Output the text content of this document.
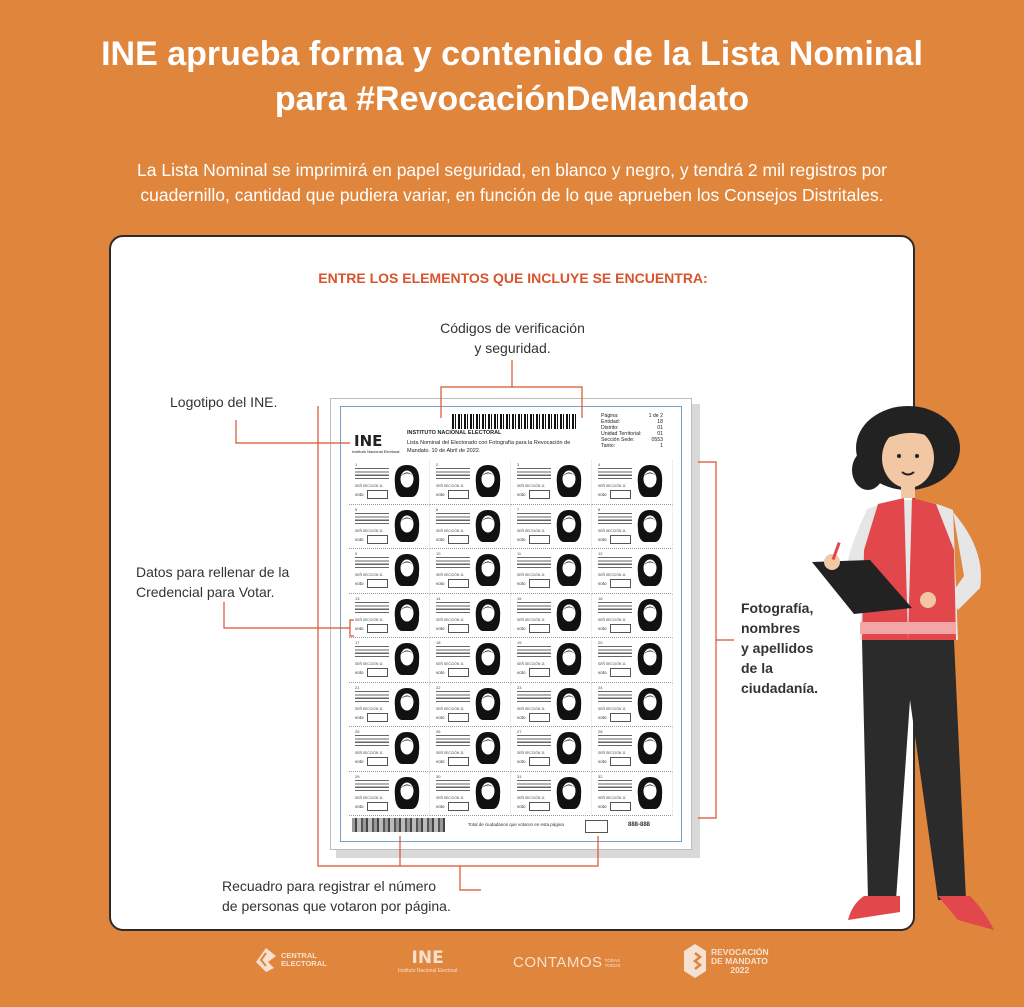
INE aprueba forma y contenido de la Lista Nominal
para #RevocaciónDeMandato

La Lista Nominal se imprimirá en papel seguridad, en blanco y negro, y tendrá 2 mil registros por
cuadernillo, cantidad que pudiera variar, en función de lo que aprueben los Consejos Distritales.

ENTRE LOS ELEMENTOS QUE INCLUYE SE ENCUENTRA:

INE
Instituto Nacional Electoral
INSTITUTO NACIONAL ELECTORAL
Lista Nominal del Electorado con Fotografía para la Revocación de Mandato. 10 de Abril de 2022.
Página:	1 de 2
Entidad:	18
Distrito:	01
Unidad Territorial:	01
Sección Sede:	0553
Tanto:	1
1
SEÑ SECCIÓN 11
voto
2
SEÑ SECCIÓN 11
voto
3
SEÑ SECCIÓN 11
voto
4
SEÑ SECCIÓN 11
voto
5
SEÑ SECCIÓN 11
voto
6
SEÑ SECCIÓN 11
voto
7
SEÑ SECCIÓN 11
voto
8
SEÑ SECCIÓN 11
voto
9
SEÑ SECCIÓN 11
voto
10
SEÑ SECCIÓN 11
voto
11
SEÑ SECCIÓN 11
voto
12
SEÑ SECCIÓN 11
voto
13
SEÑ SECCIÓN 11
voto
14
SEÑ SECCIÓN 11
voto
15
SEÑ SECCIÓN 11
voto
16
SEÑ SECCIÓN 11
voto
17
SEÑ SECCIÓN 11
voto
18
SEÑ SECCIÓN 11
voto
19
SEÑ SECCIÓN 11
voto
20
SEÑ SECCIÓN 11
voto
21
SEÑ SECCIÓN 11
voto
22
SEÑ SECCIÓN 11
voto
23
SEÑ SECCIÓN 11
voto
24
SEÑ SECCIÓN 11
voto
25
SEÑ SECCIÓN 11
voto
26
SEÑ SECCIÓN 11
voto
27
SEÑ SECCIÓN 11
voto
28
SEÑ SECCIÓN 11
voto
29
SEÑ SECCIÓN 11
voto
30
SEÑ SECCIÓN 11
voto
31
SEÑ SECCIÓN 11
voto
32
SEÑ SECCIÓN 11
voto
Total de ciudadanos que votaron en esta página	888-888
Códigos de verificación
y seguridad.
Logotipo del INE.
Datos para rellenar de la
Credencial para Votar.
Fotografía,
nombres
y apellidos
de la
ciudadanía.
Recuadro para registrar el número
de personas que votaron por página.
CENTRAL
ELECTORAL	INE
Instituto Nacional Electoral	CONTAMOS TODAS
TODOS
REVOCACIÓN
DE MANDATO
2022
